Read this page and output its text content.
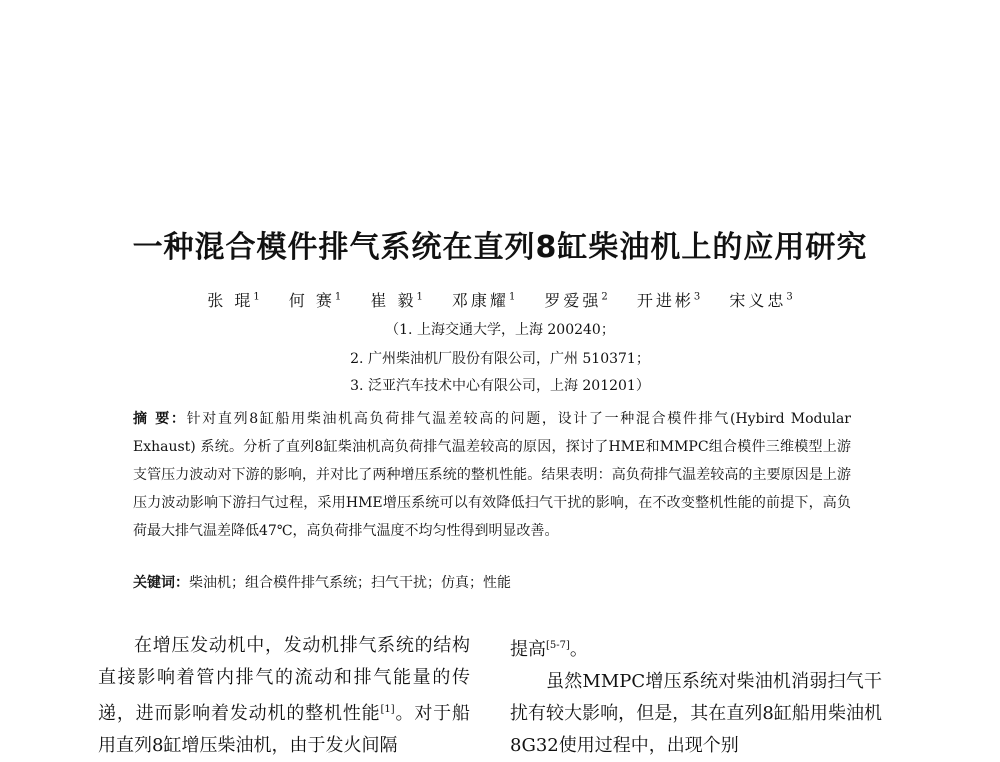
一种混合模件排气系统在直列8缸柴油机上的应用研究
张 琨$^1$ 何 赛$^1$ 崔 毅$^1$ 邓康耀$^1$ 罗爱强$^2$ 开进彬$^3$ 宋义忠$^3$
（1. 上海交通大学，上海 200240；
2. 广州柴油机厂股份有限公司，广州 510371；
3. 泛亚汽车技术中心有限公司，上海 201201）
摘 要：针对直列8缸船用柴油机高负荷排气温差较高的问题，设计了一种混合模件排气(Hybird Modular Exhaust) 系统。分析了直列8缸柴油机高负荷排气温差较高的原因，探讨了HME和MMPC组合模件三维模型上游支管压力波动对下游的影响，并对比了两种增压系统的整机性能。结果表明：高负荷排气温差较高的主要原因是上游压力波动影响下游扫气过程，采用HME增压系统可以有效降低扫气干扰的影响，在不改变整机性能的前提下，高负荷最大排气温差降低47℃，高负荷排气温度不均匀性得到明显改善。
关键词：柴油机；组合模件排气系统；扫气干扰；仿真；性能

在增压发动机中，发动机排气系统的结构直接影响着管内排气的流动和排气能量的传递，进而影响着发动机的整机性能[1]。对于船用直列8缸增压柴油机，由于发火间隔

提高[5-7]。

虽然MMPC增压系统对柴油机消弱扫气干扰有较大影响，但是，其在直列8缸船用柴油机8G32使用过程中，出现个别
